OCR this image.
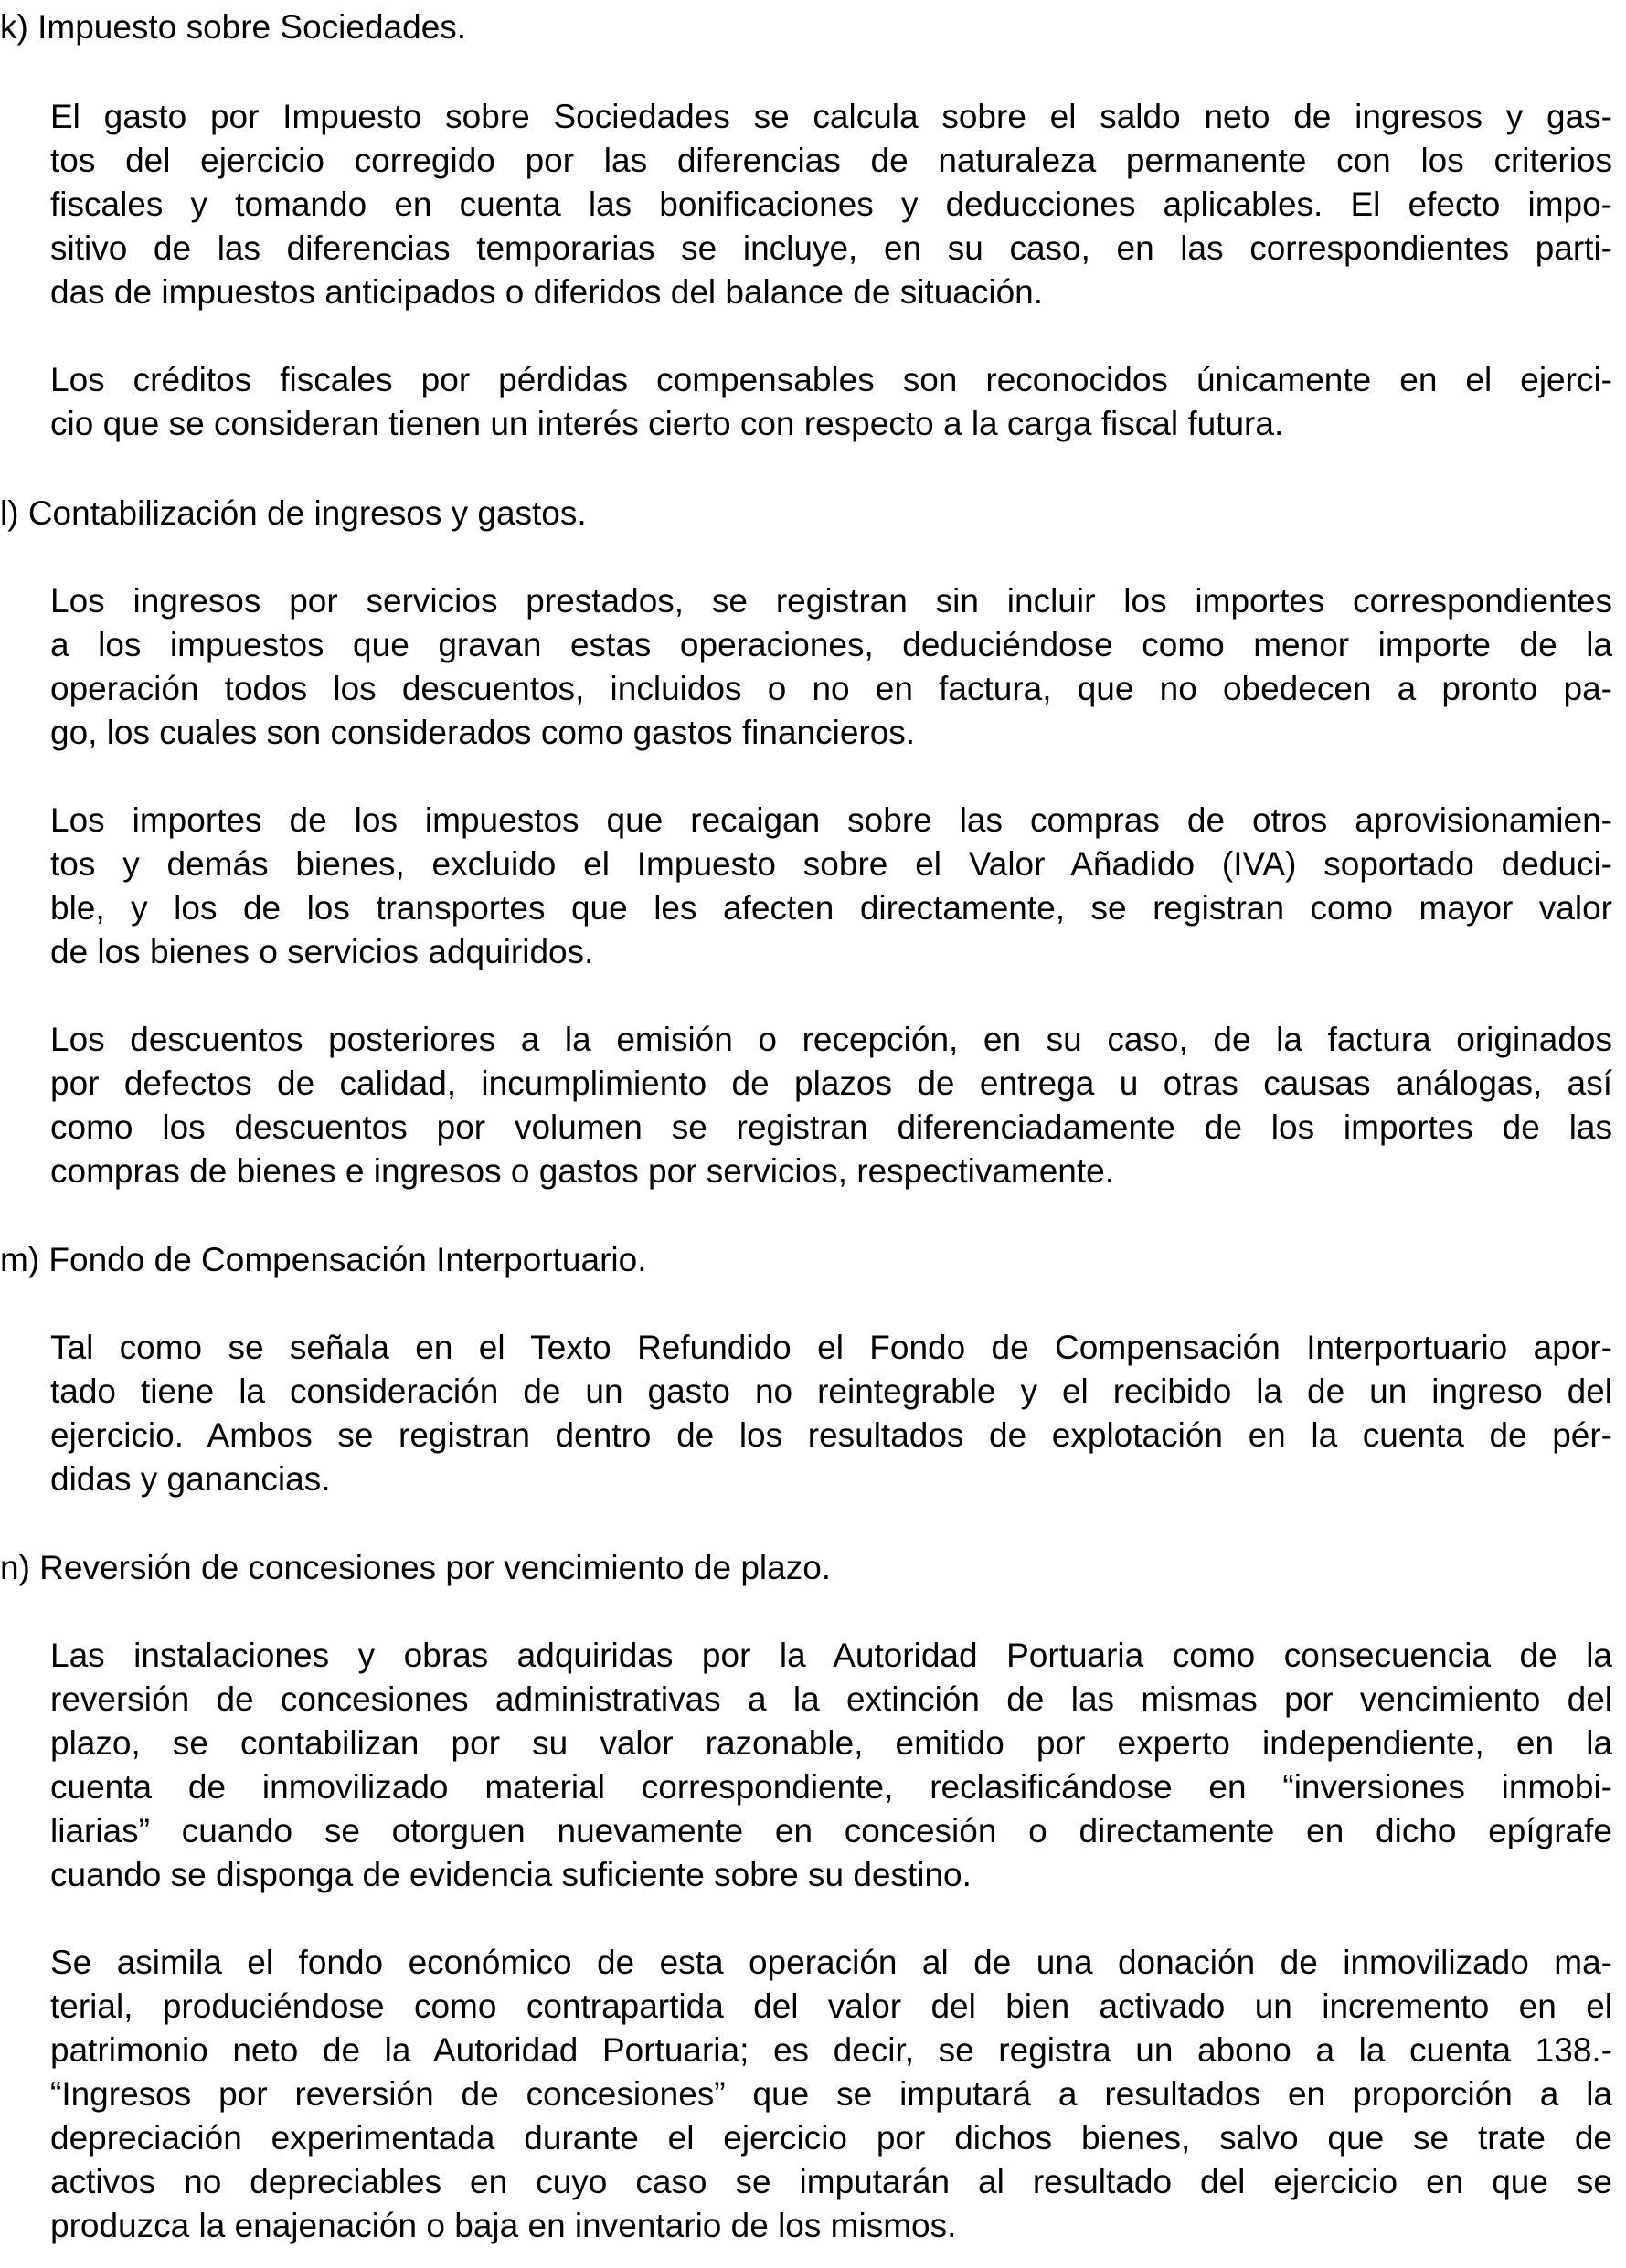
k) Impuesto sobre Sociedades.
El gasto por Impuesto sobre Sociedades se calcula sobre el saldo neto de ingresos y gas-
tos del ejercicio corregido por las diferencias de naturaleza permanente con los criterios
fiscales y tomando en cuenta las bonificaciones y deducciones aplicables. El efecto impo-
sitivo de las diferencias temporarias se incluye, en su caso, en las correspondientes parti-
das de impuestos anticipados o diferidos del balance de situación.
Los créditos fiscales por pérdidas compensables son reconocidos únicamente en el ejerci-
cio que se consideran tienen un interés cierto con respecto a la carga fiscal futura.
l) Contabilización de ingresos y gastos.
Los ingresos por servicios prestados, se registran sin incluir los importes correspondientes
a los impuestos que gravan estas operaciones, deduciéndose como menor importe de la
operación todos los descuentos, incluidos o no en factura, que no obedecen a pronto pa-
go, los cuales son considerados como gastos financieros.
Los importes de los impuestos que recaigan sobre las compras de otros aprovisionamien-
tos y demás bienes, excluido el Impuesto sobre el Valor Añadido (IVA) soportado deduci-
ble, y los de los transportes que les afecten directamente, se registran como mayor valor
de los bienes o servicios adquiridos.
Los descuentos posteriores a la emisión o recepción, en su caso, de la factura originados
por defectos de calidad, incumplimiento de plazos de entrega u otras causas análogas, así
como los descuentos por volumen se registran diferenciadamente de los importes de las
compras de bienes e ingresos o gastos por servicios, respectivamente.
m) Fondo de Compensación Interportuario.
Tal como se señala en el Texto Refundido el Fondo de Compensación Interportuario apor-
tado tiene la consideración de un gasto no reintegrable y el recibido la de un ingreso del
ejercicio. Ambos se registran dentro de los resultados de explotación en la cuenta de pér-
didas y ganancias.
n) Reversión de concesiones por vencimiento de plazo.
Las instalaciones y obras adquiridas por la Autoridad Portuaria como consecuencia de la
reversión de concesiones administrativas a la extinción de las mismas por vencimiento del
plazo, se contabilizan por su valor razonable, emitido por experto independiente, en la
cuenta de inmovilizado material correspondiente, reclasificándose en “inversiones inmobi-
liarias” cuando se otorguen nuevamente en concesión o directamente en dicho epígrafe
cuando se disponga de evidencia suficiente sobre su destino.
Se asimila el fondo económico de esta operación al de una donación de inmovilizado ma-
terial, produciéndose como contrapartida del valor del bien activado un incremento en el
patrimonio neto de la Autoridad Portuaria; es decir, se registra un abono a la cuenta 138.-
“Ingresos por reversión de concesiones” que se imputará a resultados en proporción a la
depreciación experimentada durante el ejercicio por dichos bienes, salvo que se trate de
activos no depreciables en cuyo caso se imputarán al resultado del ejercicio en que se
produzca la enajenación o baja en inventario de los mismos.
